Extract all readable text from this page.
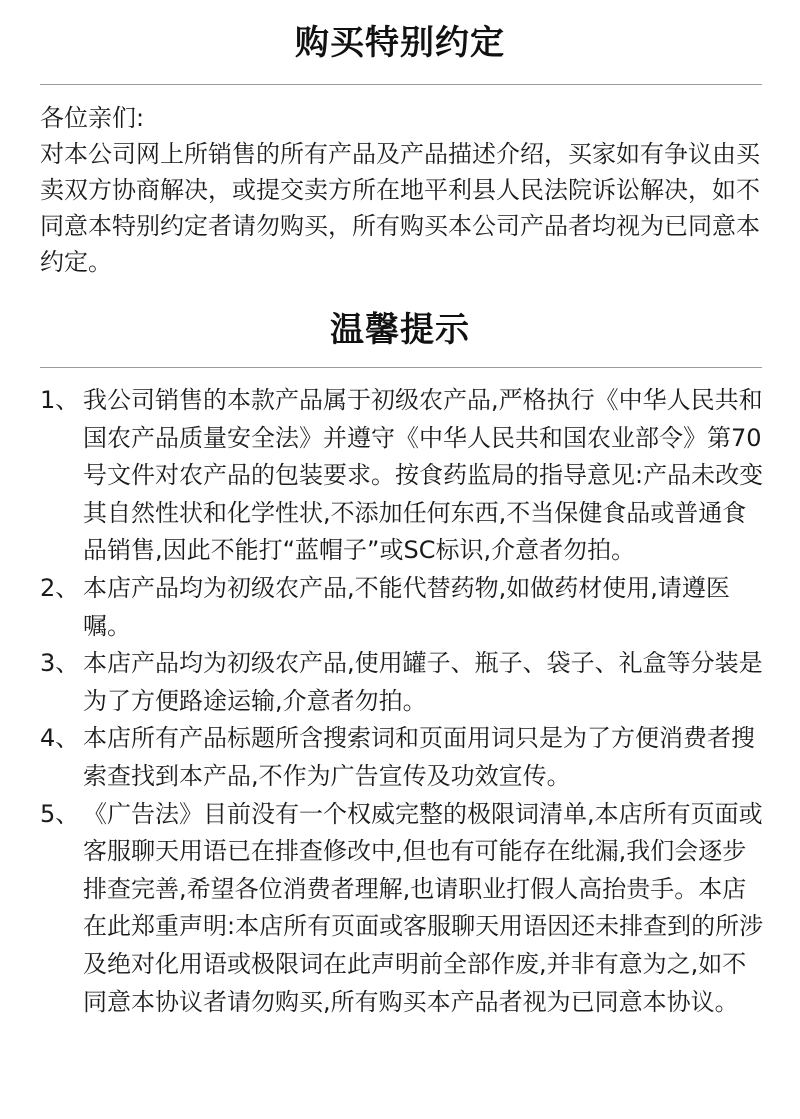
购买特别约定

各位亲们:
对本公司网上所销售的所有产品及产品描述介绍，买家如有争议由买卖双方协商解决，或提交卖方所在地平利县人民法院诉讼解决，如不同意本特别约定者请勿购买，所有购买本公司产品者均视为已同意本约定。

温馨提示
1、 我公司销售的本款产品属于初级农产品,严格执行《中华人民共和国农产品质量安全法》并遵守《中华人民共和国农业部令》第70号文件对农产品的包装要求。按食药监局的指导意见:产品未改变其自然性状和化学性状,不添加任何东西,不当保健食品或普通食品销售,因此不能打“蓝帽子”或SC标识,介意者勿拍。
2、 本店产品均为初级农产品,不能代替药物,如做药材使用,请遵医嘱。
3、 本店产品均为初级农产品,使用罐子、瓶子、袋子、礼盒等分装是为了方便路途运输,介意者勿拍。
4、 本店所有产品标题所含搜索词和页面用词只是为了方便消费者搜索查找到本产品,不作为广告宣传及功效宣传。
5、 《广告法》目前没有一个权威完整的极限词清单,本店所有页面或客服聊天用语已在排查修改中,但也有可能存在纰漏,我们会逐步排查完善,希望各位消费者理解,也请职业打假人高抬贵手。本店在此郑重声明:本店所有页面或客服聊天用语因还未排查到的所涉及绝对化用语或极限词在此声明前全部作废,并非有意为之,如不同意本协议者请勿购买,所有购买本产品者视为已同意本协议。
